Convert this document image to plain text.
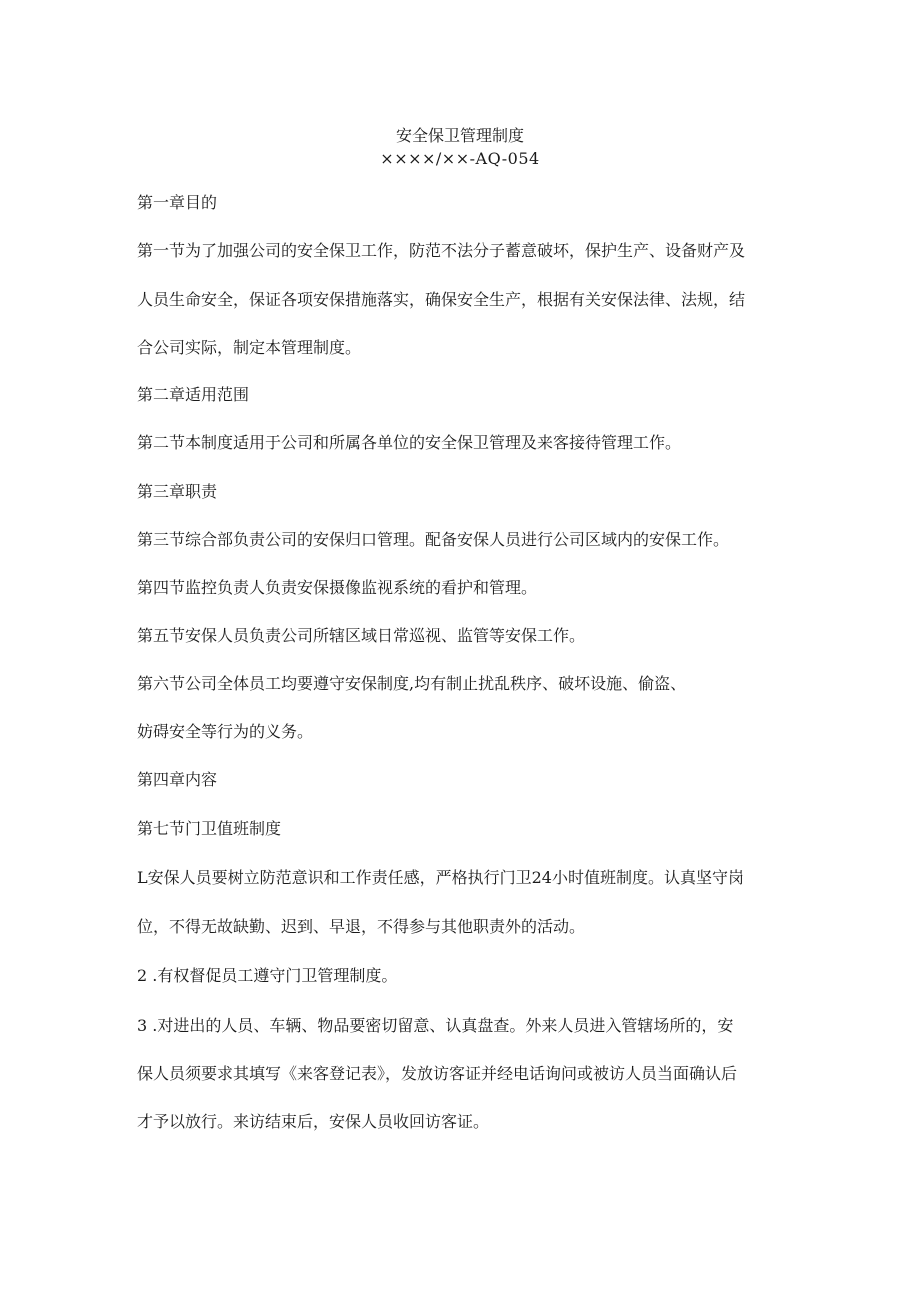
安全保卫管理制度
××××/××-AQ-054
第一章目的
第一节为了加强公司的安全保卫工作，防范不法分子蓄意破坏，保护生产、设备财产及
人员生命安全，保证各项安保措施落实，确保安全生产，根据有关安保法律、法规，结
合公司实际，制定本管理制度。
第二章适用范围
第二节本制度适用于公司和所属各单位的安全保卫管理及来客接待管理工作。
第三章职责
第三节综合部负责公司的安保归口管理。配备安保人员进行公司区域内的安保工作。
第四节监控负责人负责安保摄像监视系统的看护和管理。
第五节安保人员负责公司所辖区域日常巡视、监管等安保工作。
第六节公司全体员工均要遵守安保制度,均有制止扰乱秩序、破坏设施、偷盗、
妨碍安全等行为的义务。
第四章内容
第七节门卫值班制度
L安保人员要树立防范意识和工作责任感，严格执行门卫24小时值班制度。认真坚守岗
位，不得无故缺勤、迟到、早退，不得参与其他职责外的活动。
2 .有权督促员工遵守门卫管理制度。
3 .对进出的人员、车辆、物品要密切留意、认真盘查。外来人员进入管辖场所的，安
保人员须要求其填写《来客登记表》，发放访客证并经电话询问或被访人员当面确认后
才予以放行。来访结束后，安保人员收回访客证。
